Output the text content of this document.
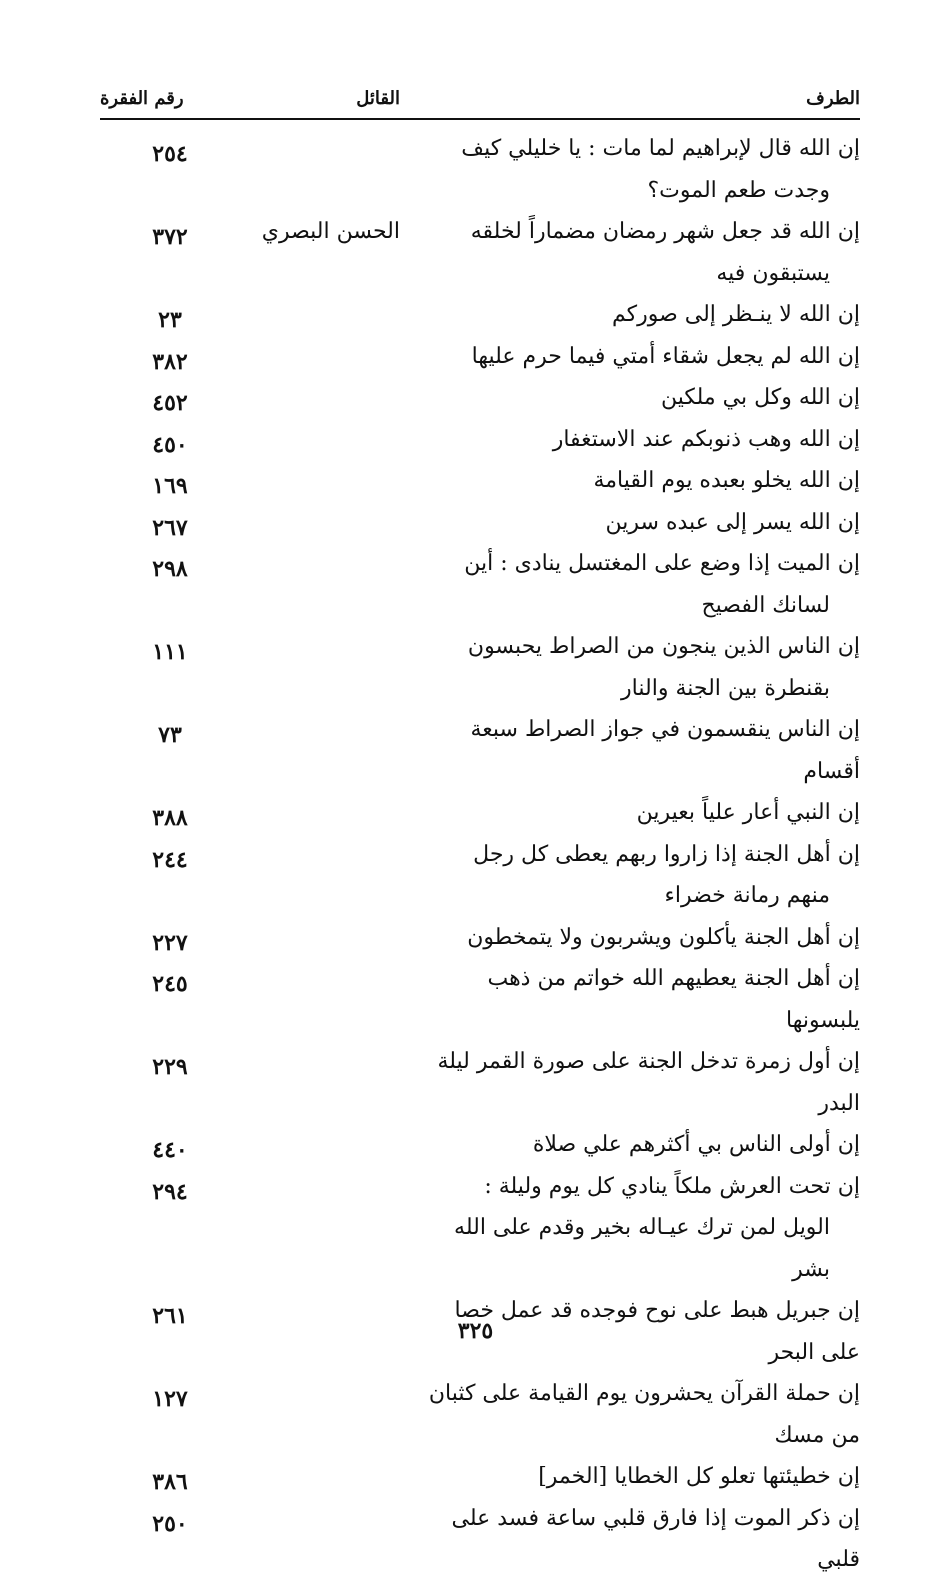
الطرف
القائل
رقم الفقرة
إن الله قال لإبراهيم لما مات : يا خليلي كيف
وجدت طعم الموت؟
٢٥٤
إن الله قد جعل شهر رمضان مضماراً لخلقه
يستبقون فيه
الحسن البصري
٣٧٢
إن الله لا ينـظر إلى صوركم
٢٣
إن الله لم يجعل شقاء أمتي فيما حرم عليها
٣٨٢
إن الله وكل بي ملكين
٤٥٢
إن الله وهب ذنوبكم عند الاستغفار
٤٥٠
إن الله يخلو بعبده يوم القيامة
١٦٩
إن الله يسر إلى عبده سرين
٢٦٧
إن الميت إذا وضع على المغتسل ينادى : أين
لسانك الفصيح
٢٩٨
إن الناس الذين ينجون من الصراط يحبسون
بقنطرة بين الجنة والنار
١١١
إن الناس ينقسمون في جواز الصراط سبعة أقسام
٧٣
إن النبي أعار علياً بعيرين
٣٨٨
إن أهل الجنة إذا زاروا ربهم يعطى كل رجل
منهم رمانة خضراء
٢٤٤
إن أهل الجنة يأكلون ويشربون ولا يتمخطون
٢٢٧
إن أهل الجنة يعطيهم الله خواتم من ذهب يلبسونها
٢٤٥
إن أول زمرة تدخل الجنة على صورة القمر ليلة البدر
٢٢٩
إن أولى الناس بي أكثرهم علي صلاة
٤٤٠
إن تحت العرش ملكاً ينادي كل يوم وليلة :
الويل لمن ترك عيـاله بخير وقدم على الله بشر
٢٩٤
إن جبريل هبط على نوح فوجده قد عمل خصا على البحر
٢٦١
إن حملة القرآن يحشرون يوم القيامة على كثبان من مسك
١٢٧
إن خطيئتها تعلو كل الخطايا [الخمر]
٣٨٦
إن ذكر الموت إذا فارق قلبي ساعة فسد على قلبي
٢٥٠
٣٢٥
